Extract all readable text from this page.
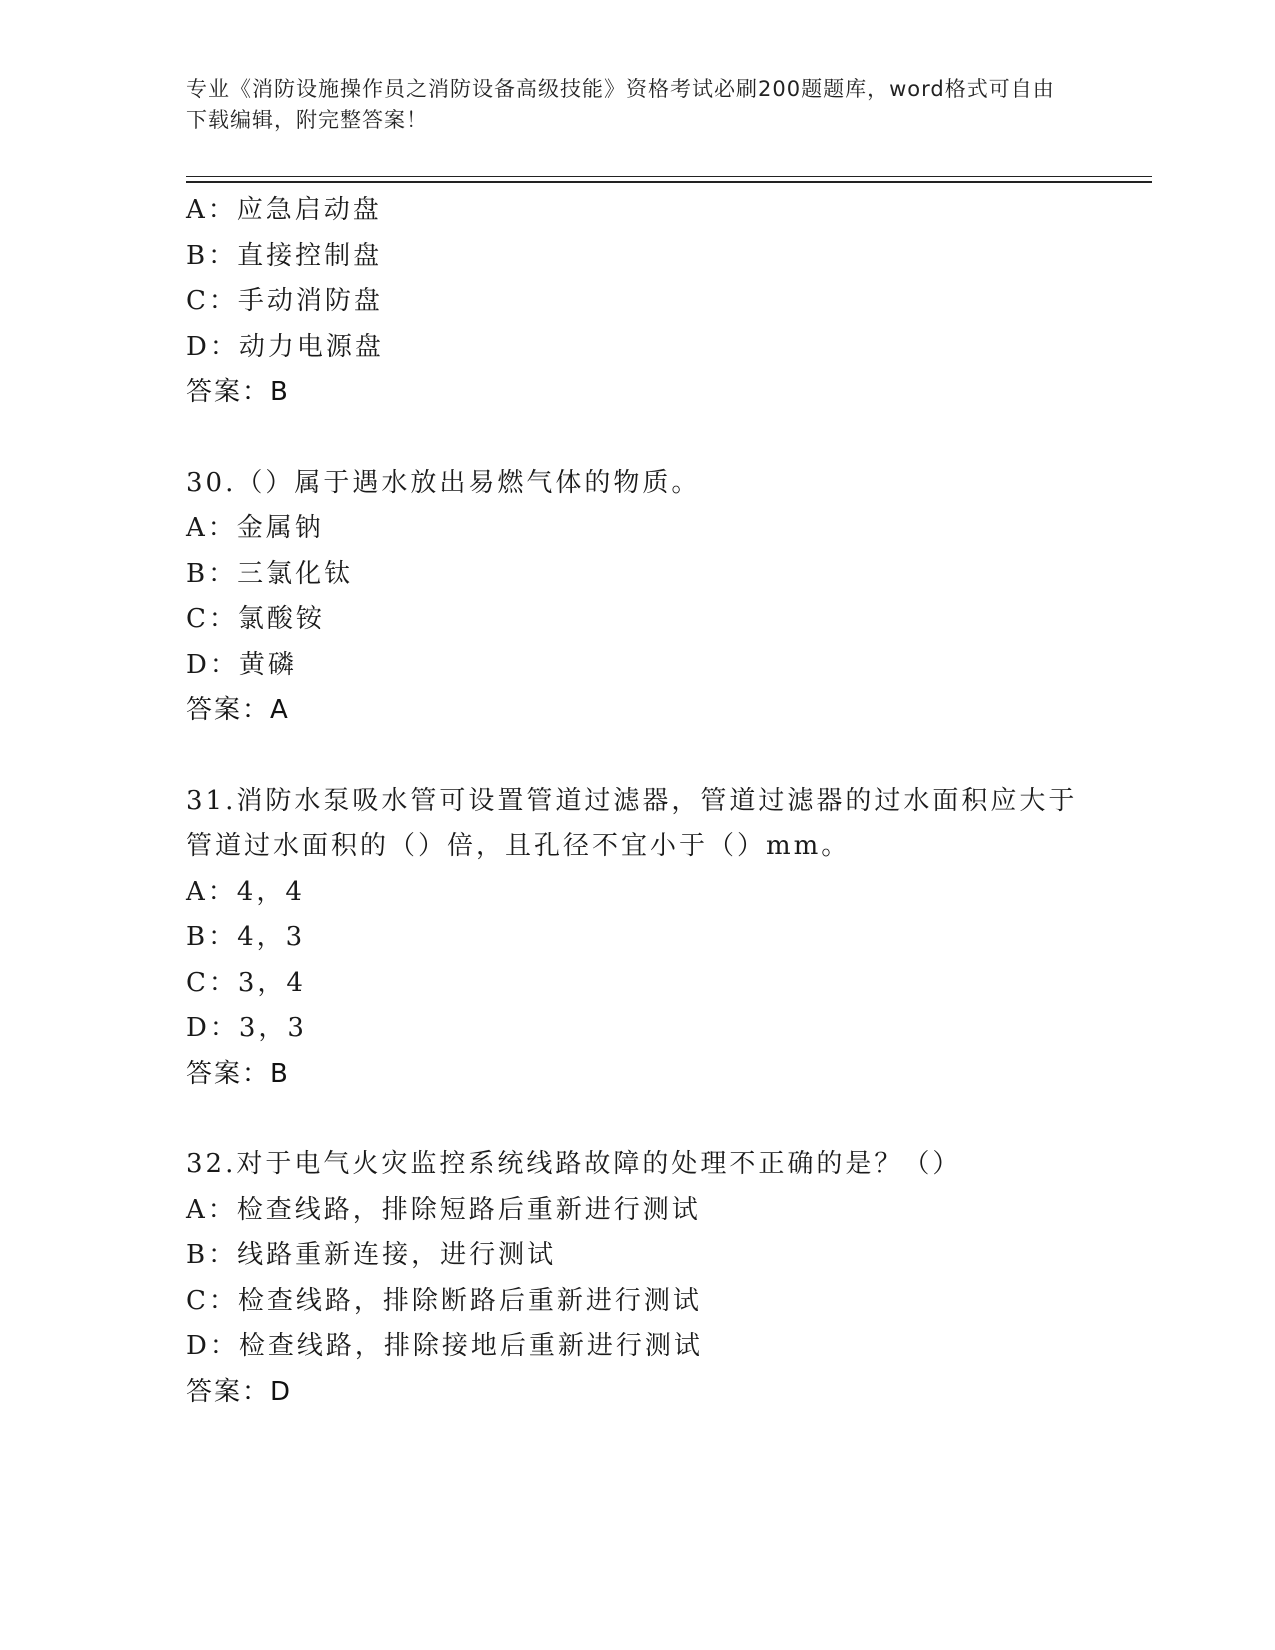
专业《消防设施操作员之消防设备高级技能》资格考试必刷200题题库，word格式可自由下载编辑，附完整答案！
A：应急启动盘
B：直接控制盘
C：手动消防盘
D：动力电源盘
答案：B
30.（）属于遇水放出易燃气体的物质。
A：金属钠
B：三氯化钛
C：氯酸铵
D：黄磷
答案：A
31.消防水泵吸水管可设置管道过滤器，管道过滤器的过水面积应大于
管道过水面积的（）倍，且孔径不宜小于（）mm。
A：4，4
B：4，3
C：3，4
D：3，3
答案：B
32.对于电气火灾监控系统线路故障的处理不正确的是？（）
A：检查线路，排除短路后重新进行测试
B：线路重新连接，进行测试
C：检查线路，排除断路后重新进行测试
D：检查线路，排除接地后重新进行测试
答案：D
